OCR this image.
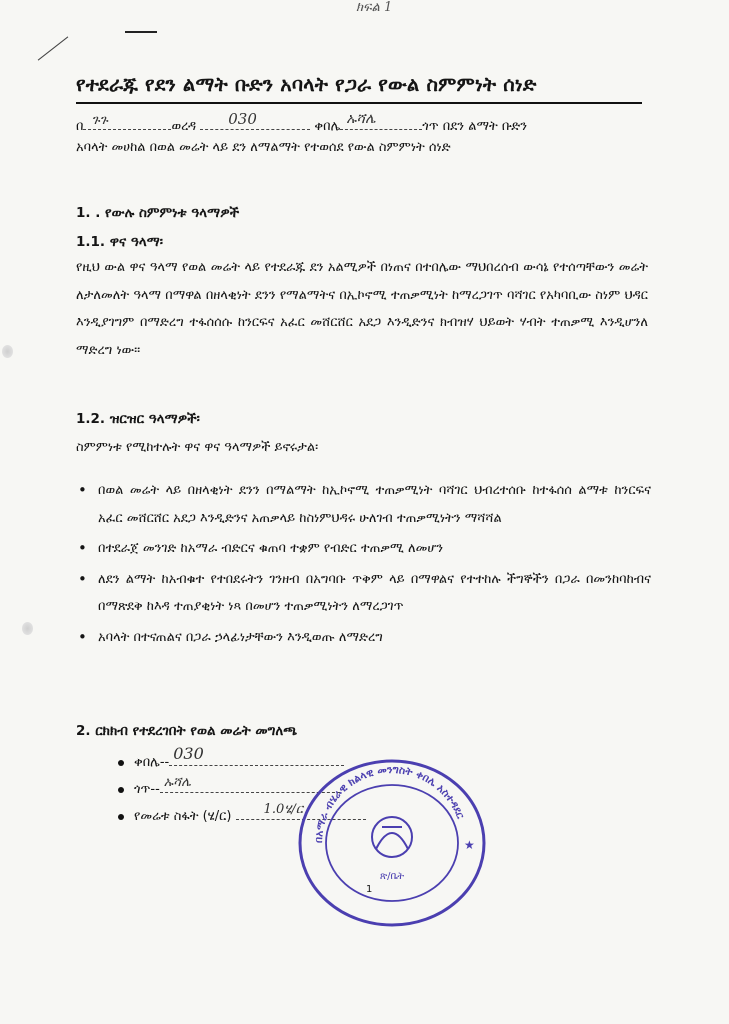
ክፍል 1
የተደራጁ የደን ልማት ቡድን አባላት የጋራ የውል ስምምነት ሰነድ
በ ጉጉ	ወረዳ 030	ቀበሌ ኡሻሌ	ጎጥ በደን ልማት ቡድን
አባላት መሀከል በወል መሬት ላይ ደን ለማልማት የተወሰደ የውል ስምምነት ሰነድ
1. . የውሉ ስምምነቱ ዓላማዎች
1.1. ዋና ዓላማ፡
የዚህ ውል ዋና ዓላማ የወል መሬት ላይ የተደራጁ ደን አልሚዎች በነጠና በተበሌው ማህበረሰብ ውሳኔ የተሰጣቸውን መሬት ለታለመለት ዓላማ በማዋል በዘላቂነት ደንን የማልማትና በኢኮኖሚ ተጠቃሚነት ከማረጋገጥ ባሻገር የአካባቢው ስነም ህዳር እንዲያገግም በማድረግ ተፋሰሰሱ ከንርፍና አፈር መሸርሸር አደጋ እንዲድንና ክብዝሃ ህይወት ሃብት ተጠቃሚ እንዲሆንለ ማድረግ ነው፡፡
1.2. ዝርዝር ዓላማዎች፡
ስምምነቱ የሚከተሉት ዋና ዋና ዓላማዎች ይኖሩታል፡
• በወል መሬት ላይ በዘላቂነት ደንን በማልማት ከኢኮኖሚ ተጠቃሚነት ባሻገር ህብረተሰቡ ከተፋሰሰ ልማቱ ከንርፍና አፈር መሸርሸር አደጋ እንዲድንና አጠቃላይ ከስነምህዳሩ ሁለገብ ተጠቃሚነትን ማሻሻል
• በተደራጀ መንገድ ከአማራ ብድርና ቁጠባ ተቋም የብድር ተጠቃሚ ለመሆን
• ለደን ልማት ከአብቁተ የተበደሩትን ገንዘብ በአግባቡ ጥቅም ላይ በማዋልና የተተከሉ ችግኞችን በጋራ በመንከባከብና በማጽደቅ ከእዳ ተጠያቂነት ነጻ በመሆን ተጠቃሚነትን ለማረጋገጥ
• አባላት በተናጠልና በጋራ ኃላፊነታቸውን እንዲወጡ ለማድረግ
2. ርክክብ የተደረገበት የወል መሬት መግለጫ
ቀበሌ-- 030
ጎጥ-- ኡሻሌ
የመሬቱ ስፋት (ሄ/ር) 1.0ሄ/ር
በአማራ ብሄራዊ ክልላዊ መንግስት ቀበሌ አስተዳደር
ጽ/ቤት
★
1
